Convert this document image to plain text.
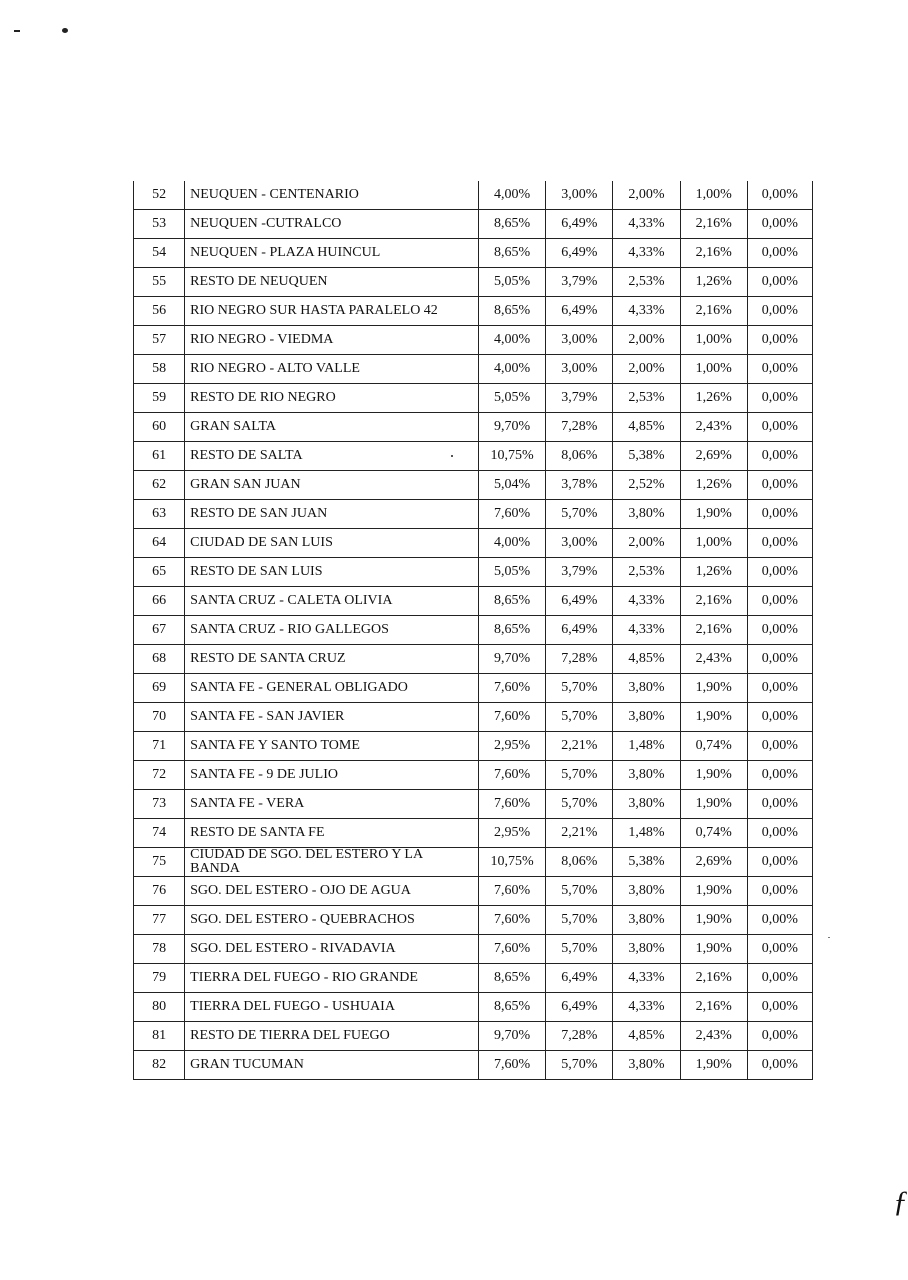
ƒ
52	NEUQUEN - CENTENARIO	4,00%	3,00%	2,00%	1,00%	0,00%
53	NEUQUEN -CUTRALCO	8,65%	6,49%	4,33%	2,16%	0,00%
54	NEUQUEN - PLAZA HUINCUL	8,65%	6,49%	4,33%	2,16%	0,00%
55	RESTO DE NEUQUEN	5,05%	3,79%	2,53%	1,26%	0,00%
56	RIO NEGRO SUR HASTA PARALELO 42	8,65%	6,49%	4,33%	2,16%	0,00%
57	RIO NEGRO - VIEDMA	4,00%	3,00%	2,00%	1,00%	0,00%
58	RIO NEGRO - ALTO VALLE	4,00%	3,00%	2,00%	1,00%	0,00%
59	RESTO DE RIO NEGRO	5,05%	3,79%	2,53%	1,26%	0,00%
60	GRAN SALTA	9,70%	7,28%	4,85%	2,43%	0,00%
61	RESTO DE SALTA	10,75%	8,06%	5,38%	2,69%	0,00%
62	GRAN SAN JUAN	5,04%	3,78%	2,52%	1,26%	0,00%
63	RESTO DE SAN JUAN	7,60%	5,70%	3,80%	1,90%	0,00%
64	CIUDAD DE SAN LUIS	4,00%	3,00%	2,00%	1,00%	0,00%
65	RESTO DE SAN LUIS	5,05%	3,79%	2,53%	1,26%	0,00%
66	SANTA CRUZ - CALETA OLIVIA	8,65%	6,49%	4,33%	2,16%	0,00%
67	SANTA CRUZ - RIO GALLEGOS	8,65%	6,49%	4,33%	2,16%	0,00%
68	RESTO DE SANTA CRUZ	9,70%	7,28%	4,85%	2,43%	0,00%
69	SANTA FE - GENERAL OBLIGADO	7,60%	5,70%	3,80%	1,90%	0,00%
70	SANTA FE - SAN JAVIER	7,60%	5,70%	3,80%	1,90%	0,00%
71	SANTA FE Y SANTO TOME	2,95%	2,21%	1,48%	0,74%	0,00%
72	SANTA FE - 9 DE JULIO	7,60%	5,70%	3,80%	1,90%	0,00%
73	SANTA FE - VERA	7,60%	5,70%	3,80%	1,90%	0,00%
74	RESTO DE SANTA FE	2,95%	2,21%	1,48%	0,74%	0,00%
75	CIUDAD DE SGO. DEL ESTERO Y LA BANDA	10,75%	8,06%	5,38%	2,69%	0,00%
76	SGO. DEL ESTERO - OJO DE AGUA	7,60%	5,70%	3,80%	1,90%	0,00%
77	SGO. DEL ESTERO - QUEBRACHOS	7,60%	5,70%	3,80%	1,90%	0,00%
78	SGO. DEL ESTERO - RIVADAVIA	7,60%	5,70%	3,80%	1,90%	0,00%
79	TIERRA DEL FUEGO - RIO GRANDE	8,65%	6,49%	4,33%	2,16%	0,00%
80	TIERRA DEL FUEGO - USHUAIA	8,65%	6,49%	4,33%	2,16%	0,00%
81	RESTO DE TIERRA DEL FUEGO	9,70%	7,28%	4,85%	2,43%	0,00%
82	GRAN TUCUMAN	7,60%	5,70%	3,80%	1,90%	0,00%
